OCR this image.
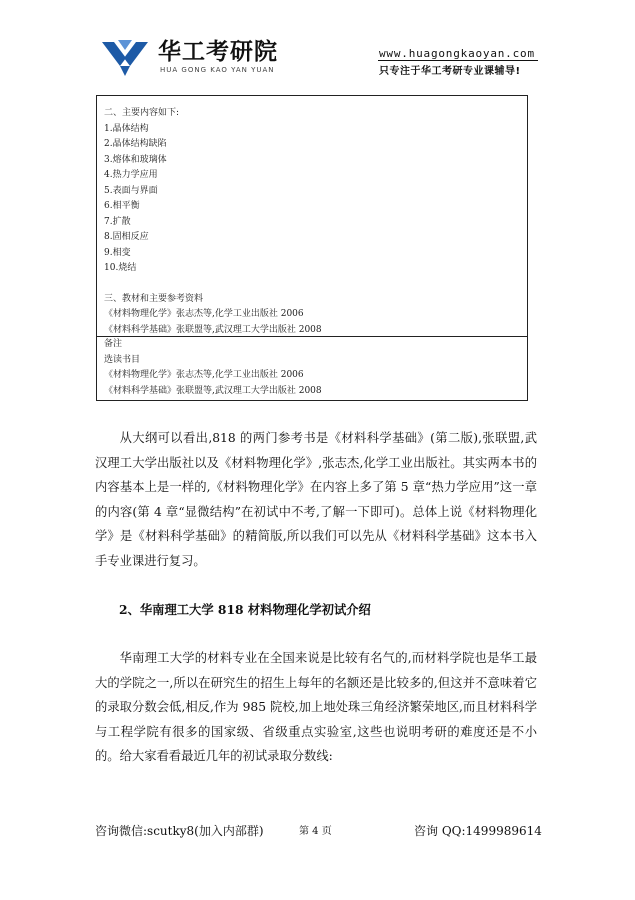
华工考研院
HUA GONG KAO YAN YUAN
www.huagongkaoyan.com
只专注于华工考研专业课辅导!
二、主要内容如下:
1.晶体结构
2.晶体结构缺陷
3.熔体和玻璃体
4.热力学应用
5.表面与界面
6.相平衡
7.扩散
8.固相反应
9.相变
10.烧结
三、教材和主要参考资料
《材料物理化学》张志杰等,化学工业出版社 2006
《材料科学基础》张联盟等,武汉理工大学出版社 2008
备注
选读书目
《材料物理化学》张志杰等,化学工业出版社 2006
《材料科学基础》张联盟等,武汉理工大学出版社 2008
从大纲可以看出,818 的两门参考书是《材料科学基础》(第二版),张联盟,武汉理工大学出版社以及《材料物理化学》,张志杰,化学工业出版社。其实两本书的内容基本上是一样的,《材料物理化学》在内容上多了第 5 章“热力学应用”这一章的内容(第 4 章“显微结构”在初试中不考,了解一下即可)。总体上说《材料物理化学》是《材料科学基础》的精简版,所以我们可以先从《材料科学基础》这本书入手专业课进行复习。
2、华南理工大学 818 材料物理化学初试介绍
华南理工大学的材料专业在全国来说是比较有名气的,而材料学院也是华工最大的学院之一,所以在研究生的招生上每年的名额还是比较多的,但这并不意味着它的录取分数会低,相反,作为 985 院校,加上地处珠三角经济繁荣地区,而且材料科学与工程学院有很多的国家级、省级重点实验室,这些也说明考研的难度还是不小的。给大家看看最近几年的初试录取分数线:
咨询微信:scutky8(加入内部群)	第 4 页	咨询 QQ:1499989614
